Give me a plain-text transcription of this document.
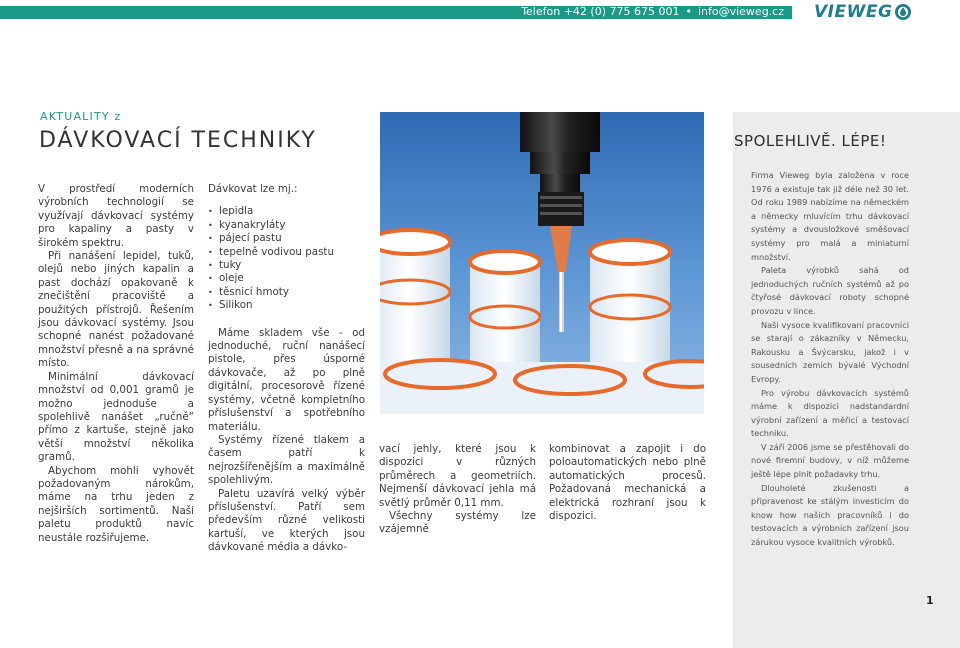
Telefon +42 (0) 775 675 001 • info@vieweg.cz VIEWEG
AKTUALITY z
DÁVKOVACÍ TECHNIKY

V prostředí moderních výrobních technologií se využívají dávkovací systémy pro kapaliny a pasty v širokém spektru.

Při nanášení lepidel, tuků, olejů nebo jiných kapalin a past dochází opakovaně k znečištění pracoviště a použitých přístrojů. Řešením jsou dávkovací systémy. Jsou schopné nanést požadované množství přesně a na správné místo.

Minimální dávkovací množství od 0,001 gramů je možno jednoduše a spolehlivě nanášet „ručně“ přímo z kartuše, stejně jako větší množství několika gramů.

Abychom mohli vyhovět požadovaným nárokům, máme na trhu jeden z nejširších sortimentů. Naši paletu produktů navíc neustále rozšiřujeme.

Dávkovat lze mj.:

• lepidla
• kyanakryláty
• pájecí pastu
• tepelně vodivou pastu
• tuky
• oleje
• těsnicí hmoty
• Silikon

Máme skladem vše - od jednoduché, ruční nanášecí pistole, přes úsporné dávkovače, až po plně digitální, procesorově řízené systémy, včetně kompletního příslušenství a spotřebního materiálu.

Systémy řízené tlakem a časem patří k nejrozšířenějším a maximálně spolehlivým.

Paletu uzavírá velký výběr příslušenství. Patří sem především různé velikosti kartuší, ve kterých jsou dávkované média a dávko-

vací jehly, které jsou k dispozici v různých průměrech a geometriích. Nejmenší dávkovací jehla má světlý průměr 0,11 mm.

Všechny systémy lze vzájemně

kombinovat a zapojit i do poloautomatických nebo plně automatických procesů. Požadovaná mechanická a elektrická rozhraní jsou k dispozici.

SPOLEHLIVĚ. LÉPE!

Firma Vieweg byla založena v roce 1976 a existuje tak již déle než 30 let. Od roku 1989 nabízíme na německém a německy mluvícím trhu dávkovací systémy a dvousložkové směšovací systémy pro malá a miniaturní množství.

Paleta výrobků sahá od jednoduchých ručních systémů až po čtyřosé dávkovací roboty schopné provozu v lince.

Naši vysoce kvalifikovaní pracovníci se starají o zákazníky v Německu, Rakousku a Švýcarsku, jakož i v sousedních zemích bývalé Východní Evropy.

Pro výrobu dávkovacích systémů máme k dispozici nadstandardní výrobní zařízení a měřicí a testovací techniku.

V září 2006 jsme se přestěhovali do nové firemní budovy, v níž můžeme ještě lépe plnit požadavky trhu.

Dlouholeté zkušenosti a připravenost ke stálým investicím do know how našich pracovníků i do testovacích a výrobních zařízení jsou zárukou vysoce kvalitních výrobků.

1
